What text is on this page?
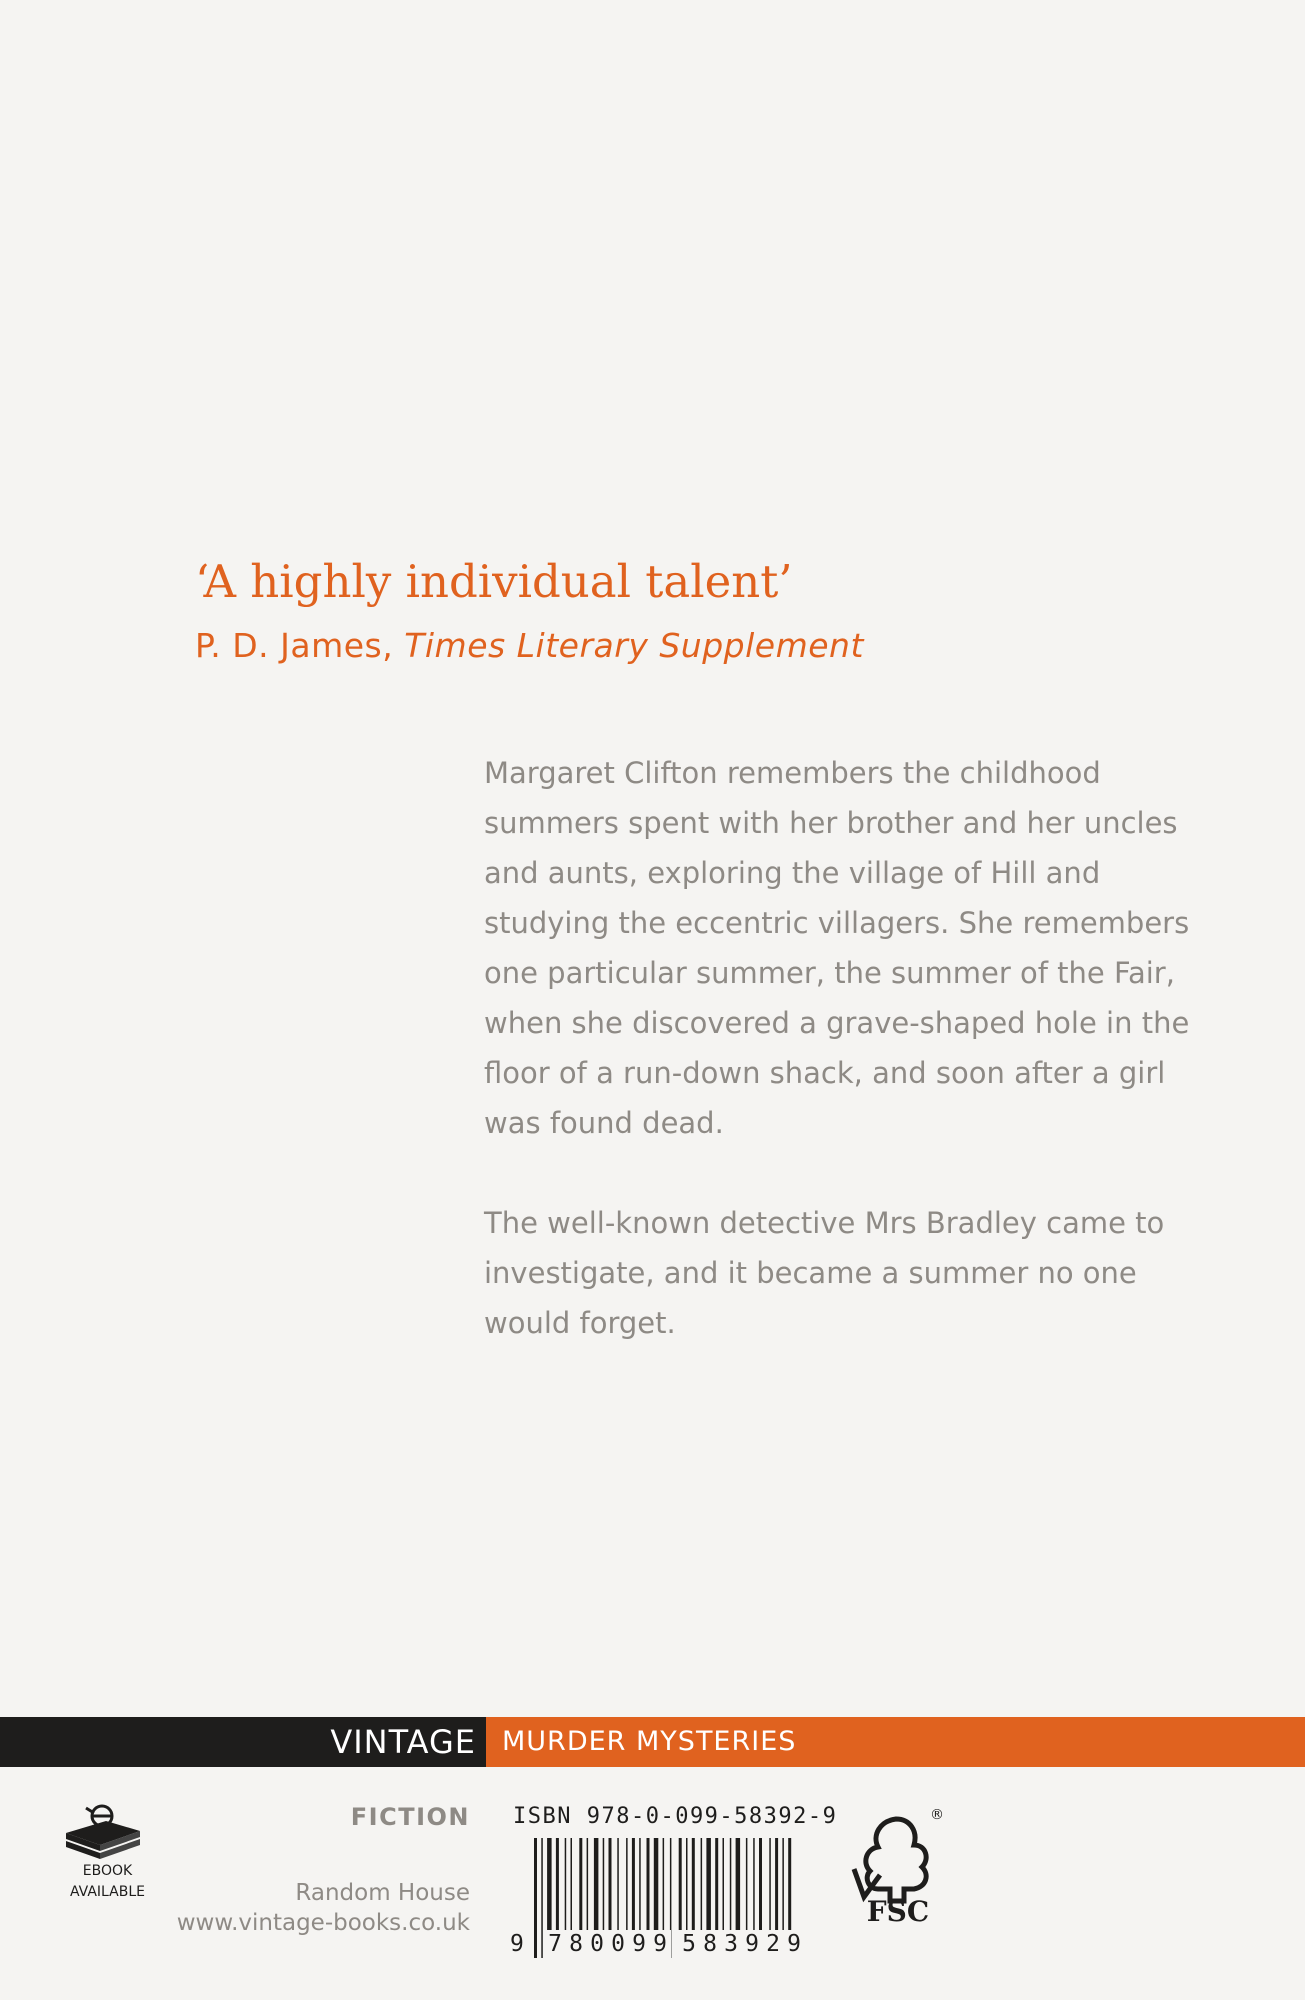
‘A highly individual talent’
P. D. James, Times Literary Supplement

Margaret Clifton remembers the childhood summers spent with her brother and her uncles and aunts, exploring the village of Hill and studying the eccentric villagers. She remembers one particular summer, the summer of the Fair, when she discovered a grave-shaped hole in the floor of a run-down shack, and soon after a girl was found dead.

The well-known detective Mrs Bradley came to investigate, and it became a summer no one would forget.

VINTAGE MURDER MYSTERIES
EBOOK
AVAILABLE
FICTION
Random House
www.vintage-books.co.uk
ISBN 978-0-099-58392-9
9 7 8 0 0 9 9 5 8 3 9 2 9
®
FSC
